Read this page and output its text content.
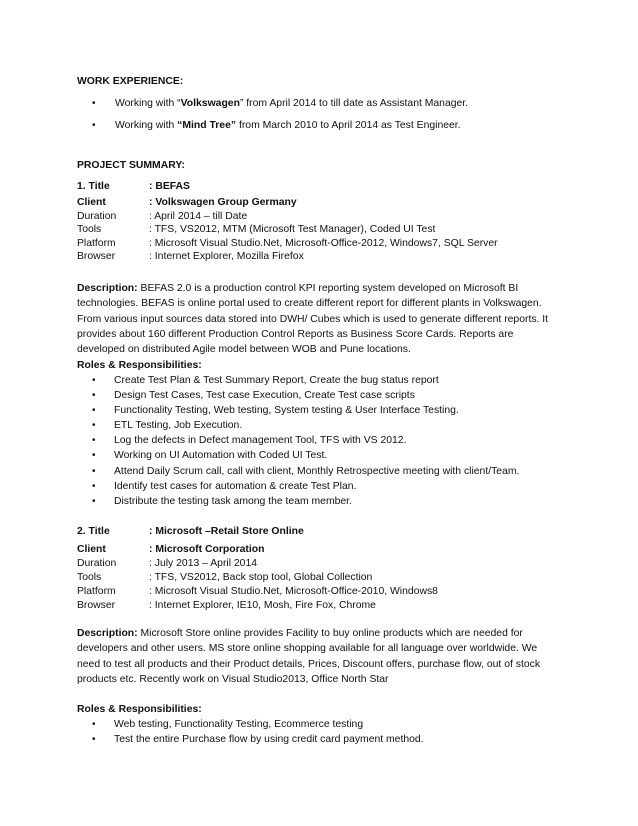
WORK EXPERIENCE:
• Working with “Volkswagen” from April 2014 to till date as Assistant Manager.
• Working with “Mind Tree” from March 2010 to April 2014 as Test Engineer.
PROJECT SUMMARY:
1. Title	: BEFAS
Client	: Volkswagen Group Germany
Duration	: April 2014 – till Date
Tools	: TFS, VS2012, MTM (Microsoft Test Manager), Coded UI Test
Platform	: Microsoft Visual Studio.Net, Microsoft-Office-2012, Windows7, SQL Server
Browser	: Internet Explorer, Mozilla Firefox
Description: BEFAS 2.0 is a production control KPI reporting system developed on Microsoft BI technologies. BEFAS is online portal used to create different report for different plants in Volkswagen. From various input sources data stored into DWH/ Cubes which is used to generate different reports. It provides about 160 different Production Control Reports as Business Score Cards. Reports are developed on distributed Agile model between WOB and Pune locations.
Roles & Responsibilities:
• Create Test Plan & Test Summary Report, Create the bug status report
• Design Test Cases, Test case Execution, Create Test case scripts
• Functionality Testing, Web testing, System testing & User Interface Testing.
• ETL Testing, Job Execution.
• Log the defects in Defect management Tool, TFS with VS 2012.
• Working on UI Automation with Coded UI Test.
• Attend Daily Scrum call, call with client, Monthly Retrospective meeting with client/Team.
• Identify test cases for automation & create Test Plan.
• Distribute the testing task among the team member.
2. Title	: Microsoft –Retail Store Online
Client	: Microsoft Corporation
Duration	: July 2013 – April 2014
Tools	: TFS, VS2012, Back stop tool, Global Collection
Platform	: Microsoft Visual Studio.Net, Microsoft-Office-2010, Windows8
Browser	: Internet Explorer, IE10, Mosh, Fire Fox, Chrome
Description: Microsoft Store online provides Facility to buy online products which are needed for developers and other users. MS store online shopping available for all language over worldwide. We need to test all products and their Product details, Prices, Discount offers, purchase flow, out of stock products etc. Recently work on Visual Studio2013, Office North Star
Roles & Responsibilities:
• Web testing, Functionality Testing, Ecommerce testing
• Test the entire Purchase flow by using credit card payment method.
